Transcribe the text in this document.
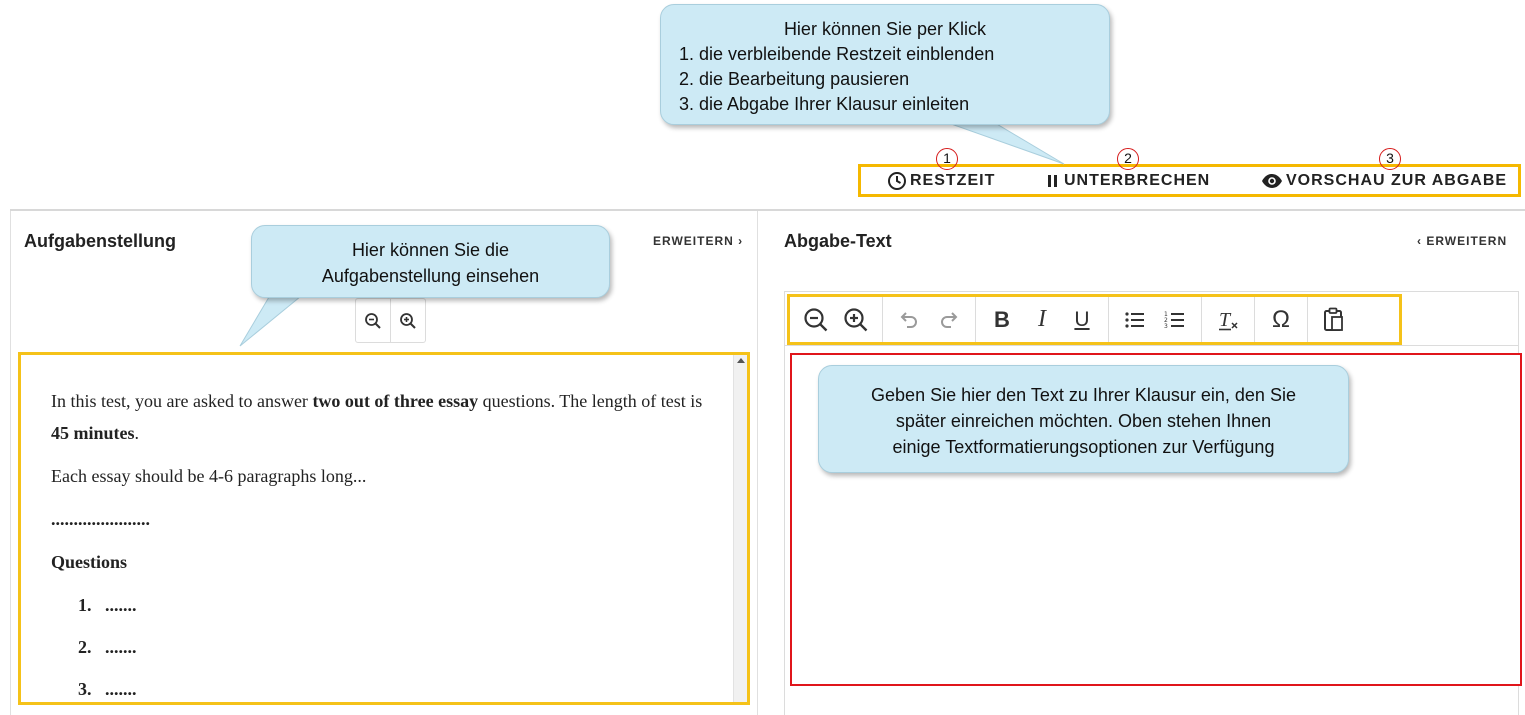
Hier können Sie per Klick
1. die verbleibende Restzeit einblenden
2. die Bearbeitung pausieren
3. die Abgabe Ihrer Klausur einleiten
RESTZEIT	UNTERBRECHEN	VORSCHAU ZUR ABGABE
1	2	3
Aufgabenstellung	ERWEITERN ›
Hier können Sie die
Aufgabenstellung einsehen

In this test, you are asked to answer two out of three essay questions. The length of test is 45 minutes.

Each essay should be 4-6 paragraphs long...

......................

Questions

1. .......
2. .......
3. .......
Abgabe-Text	‹ ERWEITERN
B I U	1
2
3	T Ω
Geben Sie hier den Text zu Ihrer Klausur ein, den Sie
später einreichen möchten. Oben stehen Ihnen
einige Textformatierungsoptionen zur Verfügung
